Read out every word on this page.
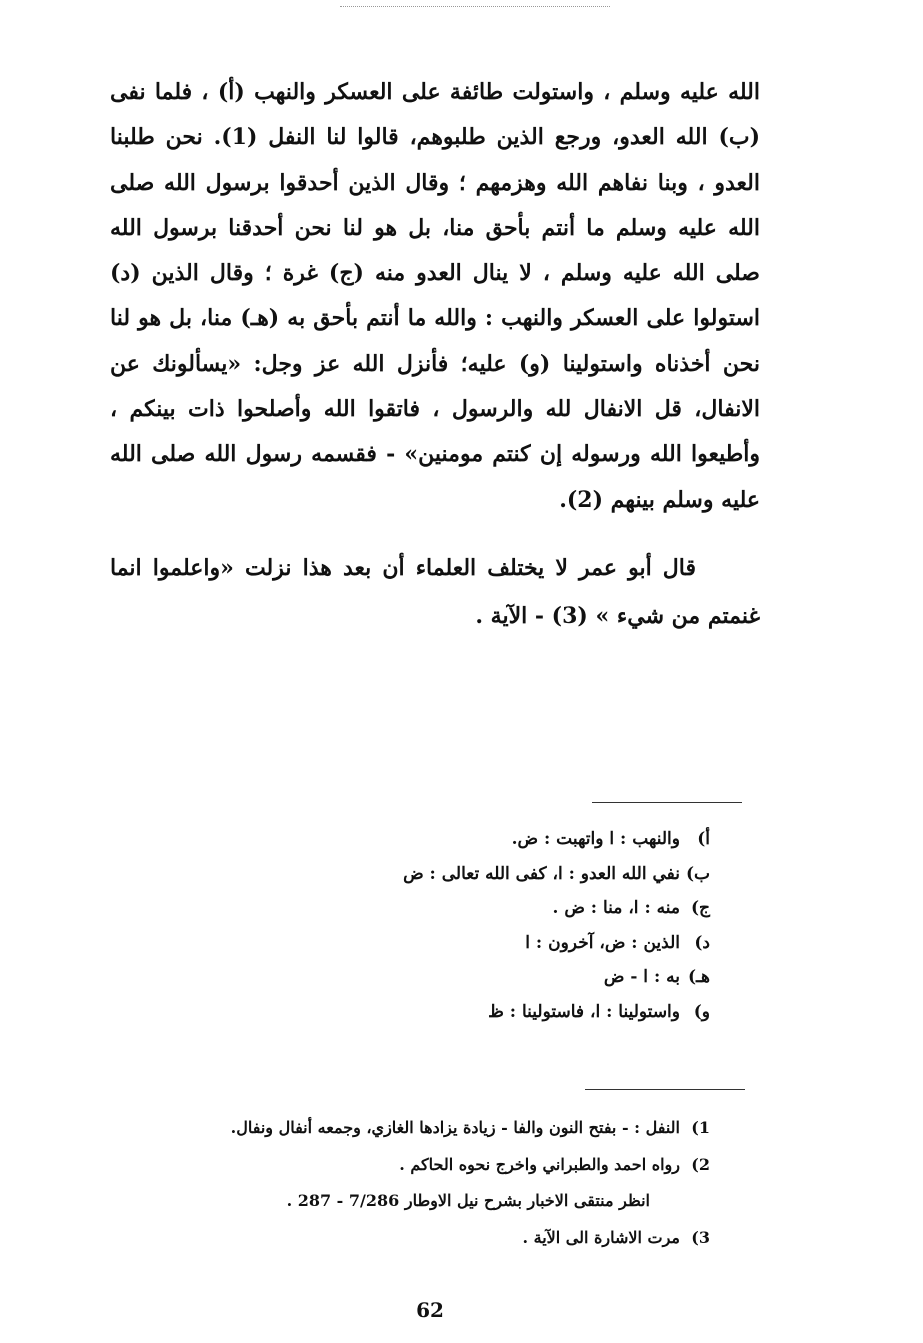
الله عليه وسلم ، واستولت طائفة على العسكر والنهب (أ) ، فلما نفى (ب) الله العدو، ورجع الذين طلبوهم، قالوا لنا النفل (1). نحن طلبنا العدو ، وبنا نفاهم الله وهزمهم ؛ وقال الذين أحدقوا برسول الله صلى الله عليه وسلم ما أنتم بأحق منا، بل هو لنا نحن أحدقنا برسول الله صلى الله عليه وسلم ، لا ينال العدو منه (ج) غرة ؛ وقال الذين (د) استولوا على العسكر والنهب : والله ما أنتم بأحق به (هـ) منا، بل هو لنا نحن أخذناه واستولينا (و) عليه؛ فأنزل الله عز وجل: «يسألونك عن الانفال، قل الانفال لله والرسول ، فاتقوا الله وأصلحوا ذات بينكم ، وأطيعوا الله ورسوله إن كنتم مومنين» - فقسمه رسول الله صلى الله عليه وسلم بينهم (2).

قال أبو عمر لا يختلف العلماء أن بعد هذا نزلت «واعلموا انما غنمتم من شيء » (3) - الآية .

أ)
والنهب : ا واتهبت : ض.
ب)
نفي الله العدو : ا، كفى الله تعالى : ض
ج)
منه : ا، منا : ض .
د)
الذين : ض، آخرون : ا
هـ)
به : ا - ض
و)
واستولينا : ا، فاستولينا : ظ
1)
النفل : - بفتح النون والفا - زيادة يزادها الغازي، وجمعه أنفال ونفال.
2)
رواه احمد والطبراني واخرج نحوه الحاكم .
انظر منتقى الاخبار بشرح نيل الاوطار 7/286 - 287 .
3)
مرت الاشارة الى الآية .
62
